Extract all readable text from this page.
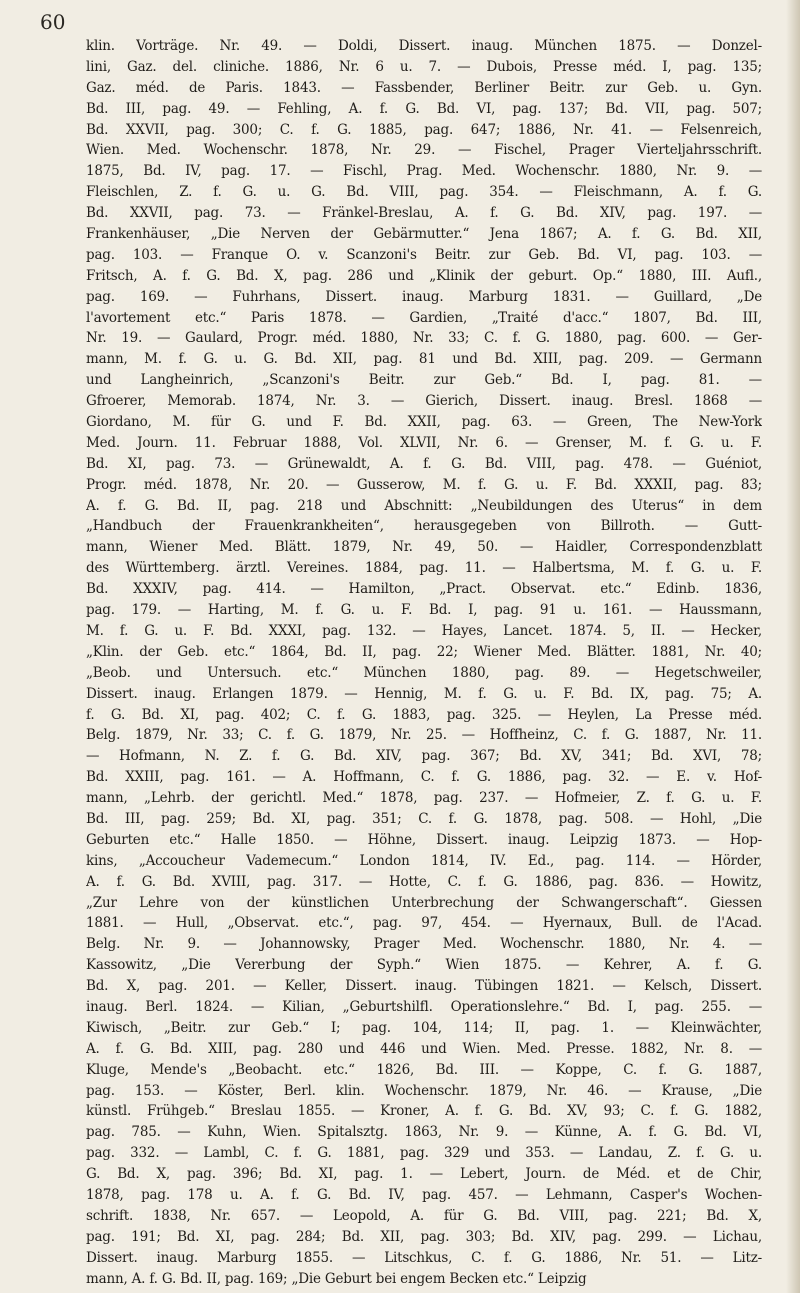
60
klin. Vorträge. Nr. 49. — Doldi, Dissert. inaug. München 1875. — Donzel-
lini, Gaz. del. cliniche. 1886, Nr. 6 u. 7. — Dubois, Presse méd. I, pag. 135;
Gaz. méd. de Paris. 1843. — Fassbender, Berliner Beitr. zur Geb. u. Gyn.
Bd. III, pag. 49. — Fehling, A. f. G. Bd. VI, pag. 137; Bd. VII, pag. 507;
Bd. XXVII, pag. 300; C. f. G. 1885, pag. 647; 1886, Nr. 41. — Felsenreich,
Wien. Med. Wochenschr. 1878, Nr. 29. — Fischel, Prager Vierteljahrsschrift.
1875, Bd. IV, pag. 17. — Fischl, Prag. Med. Wochenschr. 1880, Nr. 9. —
Fleischlen, Z. f. G. u. G. Bd. VIII, pag. 354. — Fleischmann, A. f. G.
Bd. XXVII, pag. 73. — Fränkel-Breslau, A. f. G. Bd. XIV, pag. 197. —
Frankenhäuser, „Die Nerven der Gebärmutter.“ Jena 1867; A. f. G. Bd. XII,
pag. 103. — Franque O. v. Scanzoni's Beitr. zur Geb. Bd. VI, pag. 103. —
Fritsch, A. f. G. Bd. X, pag. 286 und „Klinik der geburt. Op.“ 1880, III. Aufl.,
pag. 169. — Fuhrhans, Dissert. inaug. Marburg 1831. — Guillard, „De
l'avortement etc.“ Paris 1878. — Gardien, „Traité d'acc.“ 1807, Bd. III,
Nr. 19. — Gaulard, Progr. méd. 1880, Nr. 33; C. f. G. 1880, pag. 600. — Ger-
mann, M. f. G. u. G. Bd. XII, pag. 81 und Bd. XIII, pag. 209. — Germann
und Langheinrich, „Scanzoni's Beitr. zur Geb.“ Bd. I, pag. 81. —
Gfroerer, Memorab. 1874, Nr. 3. — Gierich, Dissert. inaug. Bresl. 1868 —
Giordano, M. für G. und F. Bd. XXII, pag. 63. — Green, The New-York
Med. Journ. 11. Februar 1888, Vol. XLVII, Nr. 6. — Grenser, M. f. G. u. F.
Bd. XI, pag. 73. — Grünewaldt, A. f. G. Bd. VIII, pag. 478. — Guéniot,
Progr. méd. 1878, Nr. 20. — Gusserow, M. f. G. u. F. Bd. XXXII, pag. 83;
A. f. G. Bd. II, pag. 218 und Abschnitt: „Neubildungen des Uterus“ in dem
„Handbuch der Frauenkrankheiten“, herausgegeben von Billroth. — Gutt-
mann, Wiener Med. Blätt. 1879, Nr. 49, 50. — Haidler, Correspondenzblatt
des Württemberg. ärztl. Vereines. 1884, pag. 11. — Halbertsma, M. f. G. u. F.
Bd. XXXIV, pag. 414. — Hamilton, „Pract. Observat. etc.“ Edinb. 1836,
pag. 179. — Harting, M. f. G. u. F. Bd. I, pag. 91 u. 161. — Haussmann,
M. f. G. u. F. Bd. XXXI, pag. 132. — Hayes, Lancet. 1874. 5, II. — Hecker,
„Klin. der Geb. etc.“ 1864, Bd. II, pag. 22; Wiener Med. Blätter. 1881, Nr. 40;
„Beob. und Untersuch. etc.“ München 1880, pag. 89. — Hegetschweiler,
Dissert. inaug. Erlangen 1879. — Hennig, M. f. G. u. F. Bd. IX, pag. 75; A.
f. G. Bd. XI, pag. 402; C. f. G. 1883, pag. 325. — Heylen, La Presse méd.
Belg. 1879, Nr. 33; C. f. G. 1879, Nr. 25. — Hoffheinz, C. f. G. 1887, Nr. 11.
— Hofmann, N. Z. f. G. Bd. XIV, pag. 367; Bd. XV, 341; Bd. XVI, 78;
Bd. XXIII, pag. 161. — A. Hoffmann, C. f. G. 1886, pag. 32. — E. v. Hof-
mann, „Lehrb. der gerichtl. Med.“ 1878, pag. 237. — Hofmeier, Z. f. G. u. F.
Bd. III, pag. 259; Bd. XI, pag. 351; C. f. G. 1878, pag. 508. — Hohl, „Die
Geburten etc.“ Halle 1850. — Höhne, Dissert. inaug. Leipzig 1873. — Hop-
kins, „Accoucheur Vademecum.“ London 1814, IV. Ed., pag. 114. — Hörder,
A. f. G. Bd. XVIII, pag. 317. — Hotte, C. f. G. 1886, pag. 836. — Howitz,
„Zur Lehre von der künstlichen Unterbrechung der Schwangerschaft“. Giessen
1881. — Hull, „Observat. etc.“, pag. 97, 454. — Hyernaux, Bull. de l'Acad.
Belg. Nr. 9. — Johannowsky, Prager Med. Wochenschr. 1880, Nr. 4. —
Kassowitz, „Die Vererbung der Syph.“ Wien 1875. — Kehrer, A. f. G.
Bd. X, pag. 201. — Keller, Dissert. inaug. Tübingen 1821. — Kelsch, Dissert.
inaug. Berl. 1824. — Kilian, „Geburtshilfl. Operationslehre.“ Bd. I, pag. 255. —
Kiwisch, „Beitr. zur Geb.“ I; pag. 104, 114; II, pag. 1. — Kleinwächter,
A. f. G. Bd. XIII, pag. 280 und 446 und Wien. Med. Presse. 1882, Nr. 8. —
Kluge, Mende's „Beobacht. etc.“ 1826, Bd. III. — Koppe, C. f. G. 1887,
pag. 153. — Köster, Berl. klin. Wochenschr. 1879, Nr. 46. — Krause, „Die
künstl. Frühgeb.“ Breslau 1855. — Kroner, A. f. G. Bd. XV, 93; C. f. G. 1882,
pag. 785. — Kuhn, Wien. Spitalsztg. 1863, Nr. 9. — Künne, A. f. G. Bd. VI,
pag. 332. — Lambl, C. f. G. 1881, pag. 329 und 353. — Landau, Z. f. G. u.
G. Bd. X, pag. 396; Bd. XI, pag. 1. — Lebert, Journ. de Méd. et de Chir,
1878, pag. 178 u. A. f. G. Bd. IV, pag. 457. — Lehmann, Casper's Wochen-
schrift. 1838, Nr. 657. — Leopold, A. für G. Bd. VIII, pag. 221; Bd. X,
pag. 191; Bd. XI, pag. 284; Bd. XII, pag. 303; Bd. XIV, pag. 299. — Lichau,
Dissert. inaug. Marburg 1855. — Litschkus, C. f. G. 1886, Nr. 51. — Litz-
mann, A. f. G. Bd. II, pag. 169; „Die Geburt bei engem Becken etc.“ Leipzig
